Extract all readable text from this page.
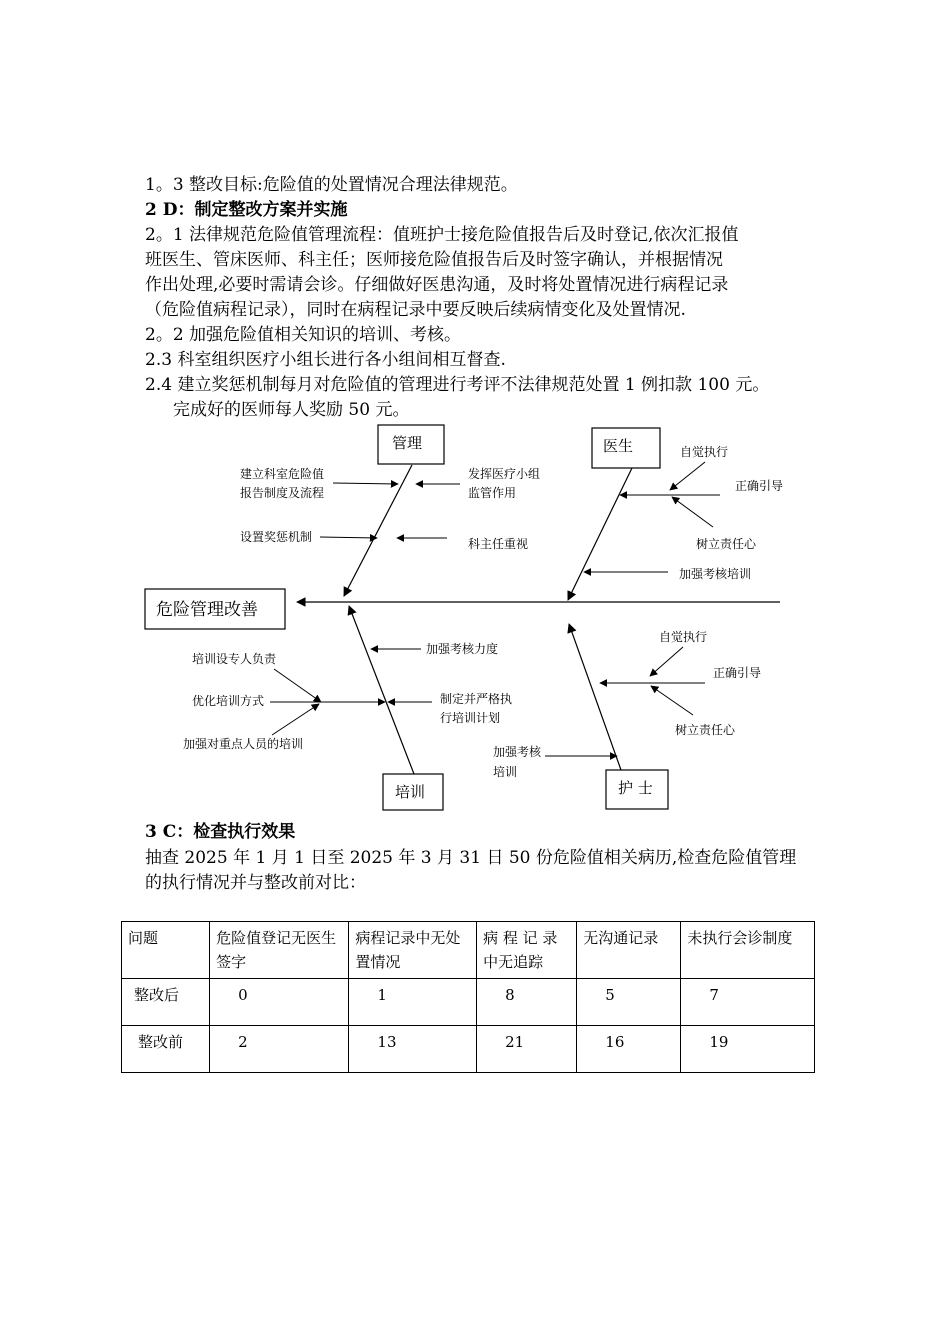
1。3 整改目标:危险值的处置情况合理法律规范。

2 D：制定整改方案并实施

2。1 法律规范危险值管理流程：值班护士接危险值报告后及时登记,依次汇报值

班医生、管床医师、科主任；医师接危险值报告后及时签字确认，并根据情况

作出处理,必要时需请会诊。仔细做好医患沟通，及时将处置情况进行病程记录

（危险值病程记录），同时在病程记录中要反映后续病情变化及处置情况.

2。2 加强危险值相关知识的培训、考核。

2.3 科室组织医疗小组长进行各小组间相互督查.

2.4 建立奖惩机制每月对危险值的管理进行考评不法律规范处置 1 例扣款 100 元。

完成好的医师每人奖励 50 元。

危险管理改善
管理
建立科室危险值
报告制度及流程
发挥医疗小组
监管作用
设置奖惩机制	科主任重视
医生	自觉执行
正确引导
树立责任心
加强考核培训
培训
加强考核力度
培训设专人负责
优化培训方式
加强对重点人员的培训
制定并严格执
行培训计划
护 士
自觉执行
正确引导
树立责任心
加强考核
培训

3 C：检查执行效果

抽查 2025 年 1 月 1 日至 2025 年 3 月 31 日 50 份危险值相关病历,检查危险值管理

的执行情况并与整改前对比：

问题	危险值登记无医生签字	病程记录中无处置情况	病 程 记 录中无追踪	无沟通记录	未执行会诊制度
整改后	0	1	8	5	7
整改前	2	13	21	16	19
